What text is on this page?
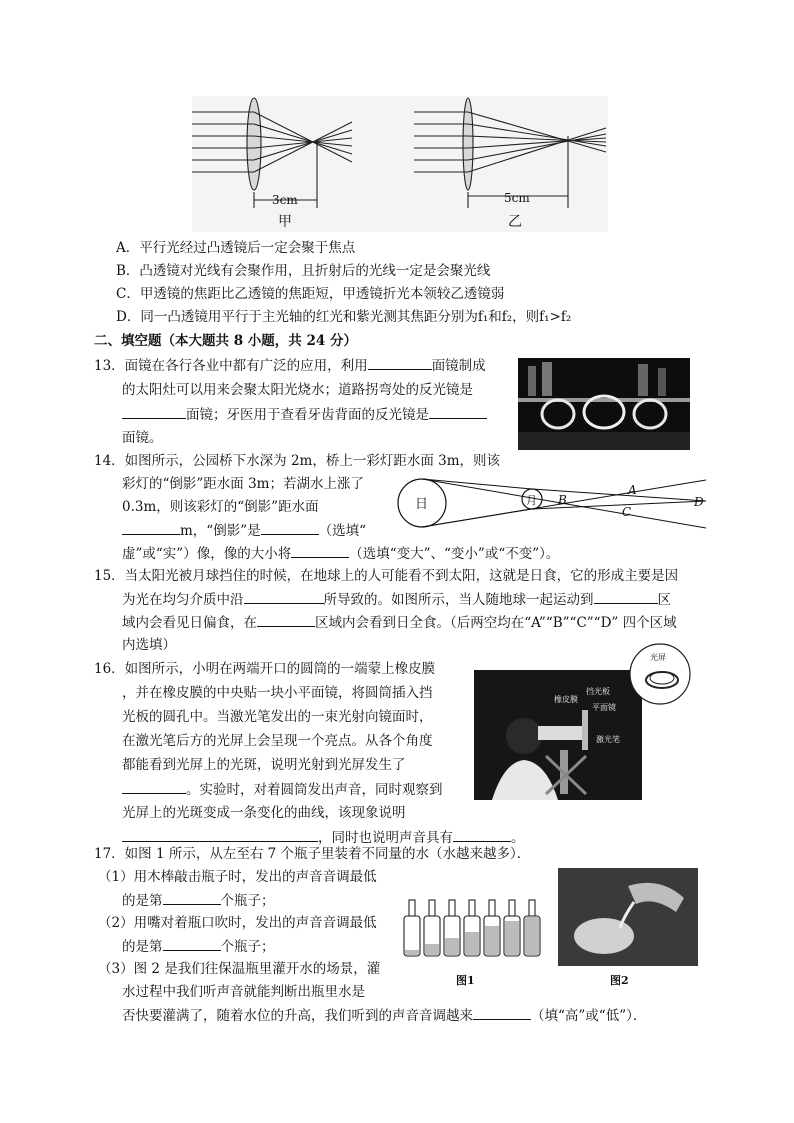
3cm
甲
5cm
乙
A．平行光经过凸透镜后一定会聚于焦点
B．凸透镜对光线有会聚作用，且折射后的光线一定是会聚光线
C．甲透镜的焦距比乙透镜的焦距短，甲透镜折光本领较乙透镜弱
D．同一凸透镜用平行于主光轴的红光和紫光测其焦距分别为f₁和f₂，则f₁>f₂
二、填空题（本大题共 8 小题，共 24 分）
13．面镜在各行各业中都有广泛的应用，利用	面镜制成
的太阳灶可以用来会聚太阳光烧水；道路拐弯处的反光镜是
面镜；牙医用于查看牙齿背面的反光镜是
面镜。
14．如图所示，公园桥下水深为 2m，桥上一彩灯距水面 3m，则该
彩灯的“倒影”距水面 3m；若湖水上涨了
0.3m，则该彩灯的“倒影”距水面
m，“倒影”是	（选填“
虚”或“实”）像，像的大小将	（选填“变大”、“变小”或“不变”）。
日	月 B
A
C
D
15．当太阳光被月球挡住的时候，在地球上的人可能看不到太阳，这就是日食，它的形成主要是因
为光在均匀介质中沿	所导致的。如图所示，当人随地球一起运动到	区
域内会看见日偏食，在	区域内会看到日全食。（后两空均在“A”“B”“C”“D” 四个区域
内选填）
16．如图所示，小明在两端开口的圆筒的一端蒙上橡皮膜
，并在橡皮膜的中央贴一块小平面镜，将圆筒插入挡
光板的圆孔中。当激光笔发出的一束光射向镜面时，
在激光笔后方的光屏上会呈现一个亮点。从各个角度
都能看到光屏上的光斑，说明光射到光屏发生了
。实验时，对着圆筒发出声音，同时观察到
光屏上的光斑变成一条变化的曲线，该现象说明
，同时也说明声音具有	。
橡皮膜
挡光板
平面镜
激光笔
光屏
17．如图 1 所示，从左至右 7 个瓶子里装着不同量的水（水越来越多）．
（1）用木棒敲击瓶子时，发出的声音音调最低
的是第	个瓶子；
（2）用嘴对着瓶口吹时，发出的声音音调最低
的是第	个瓶子；
（3）图 2 是我们往保温瓶里灌开水的场景，灌
水过程中我们听声音就能判断出瓶里水是
否快要灌满了，随着水位的升高，我们听到的声音音调越来	（填“高”或“低”）．
图1	图2
